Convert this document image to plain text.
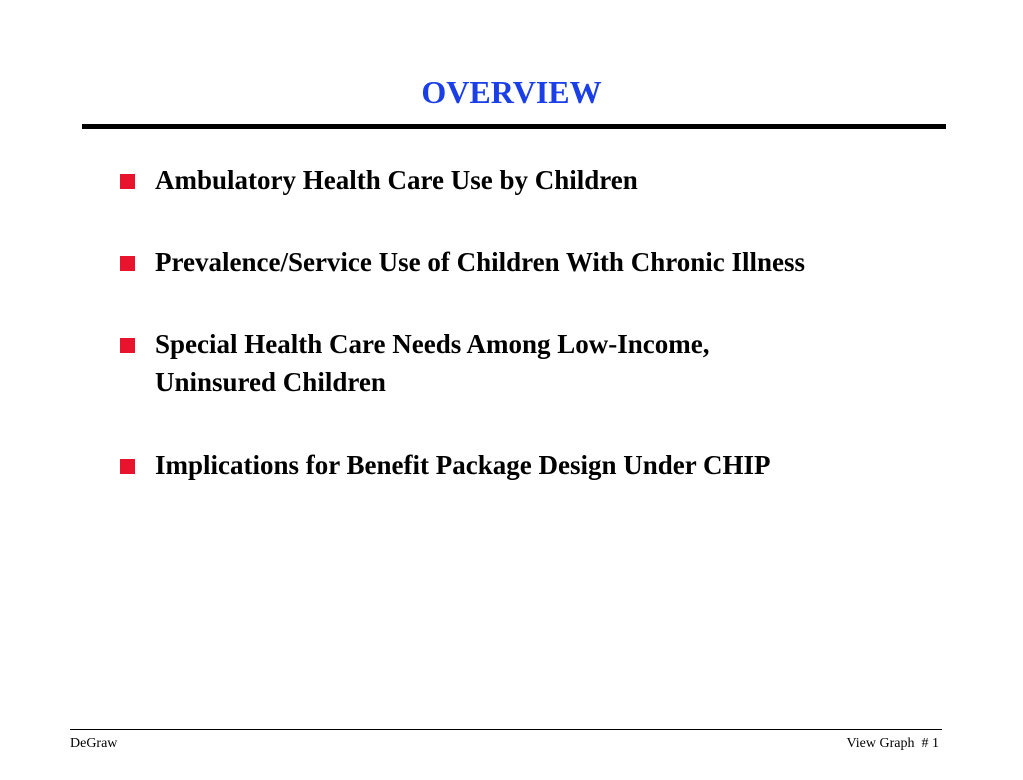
OVERVIEW
Ambulatory Health Care Use by Children
Prevalence/Service Use of Children With Chronic Illness
Special Health Care Needs Among Low-Income,
Uninsured Children
Implications for Benefit Package Design Under CHIP
DeGraw	View Graph  # 1
